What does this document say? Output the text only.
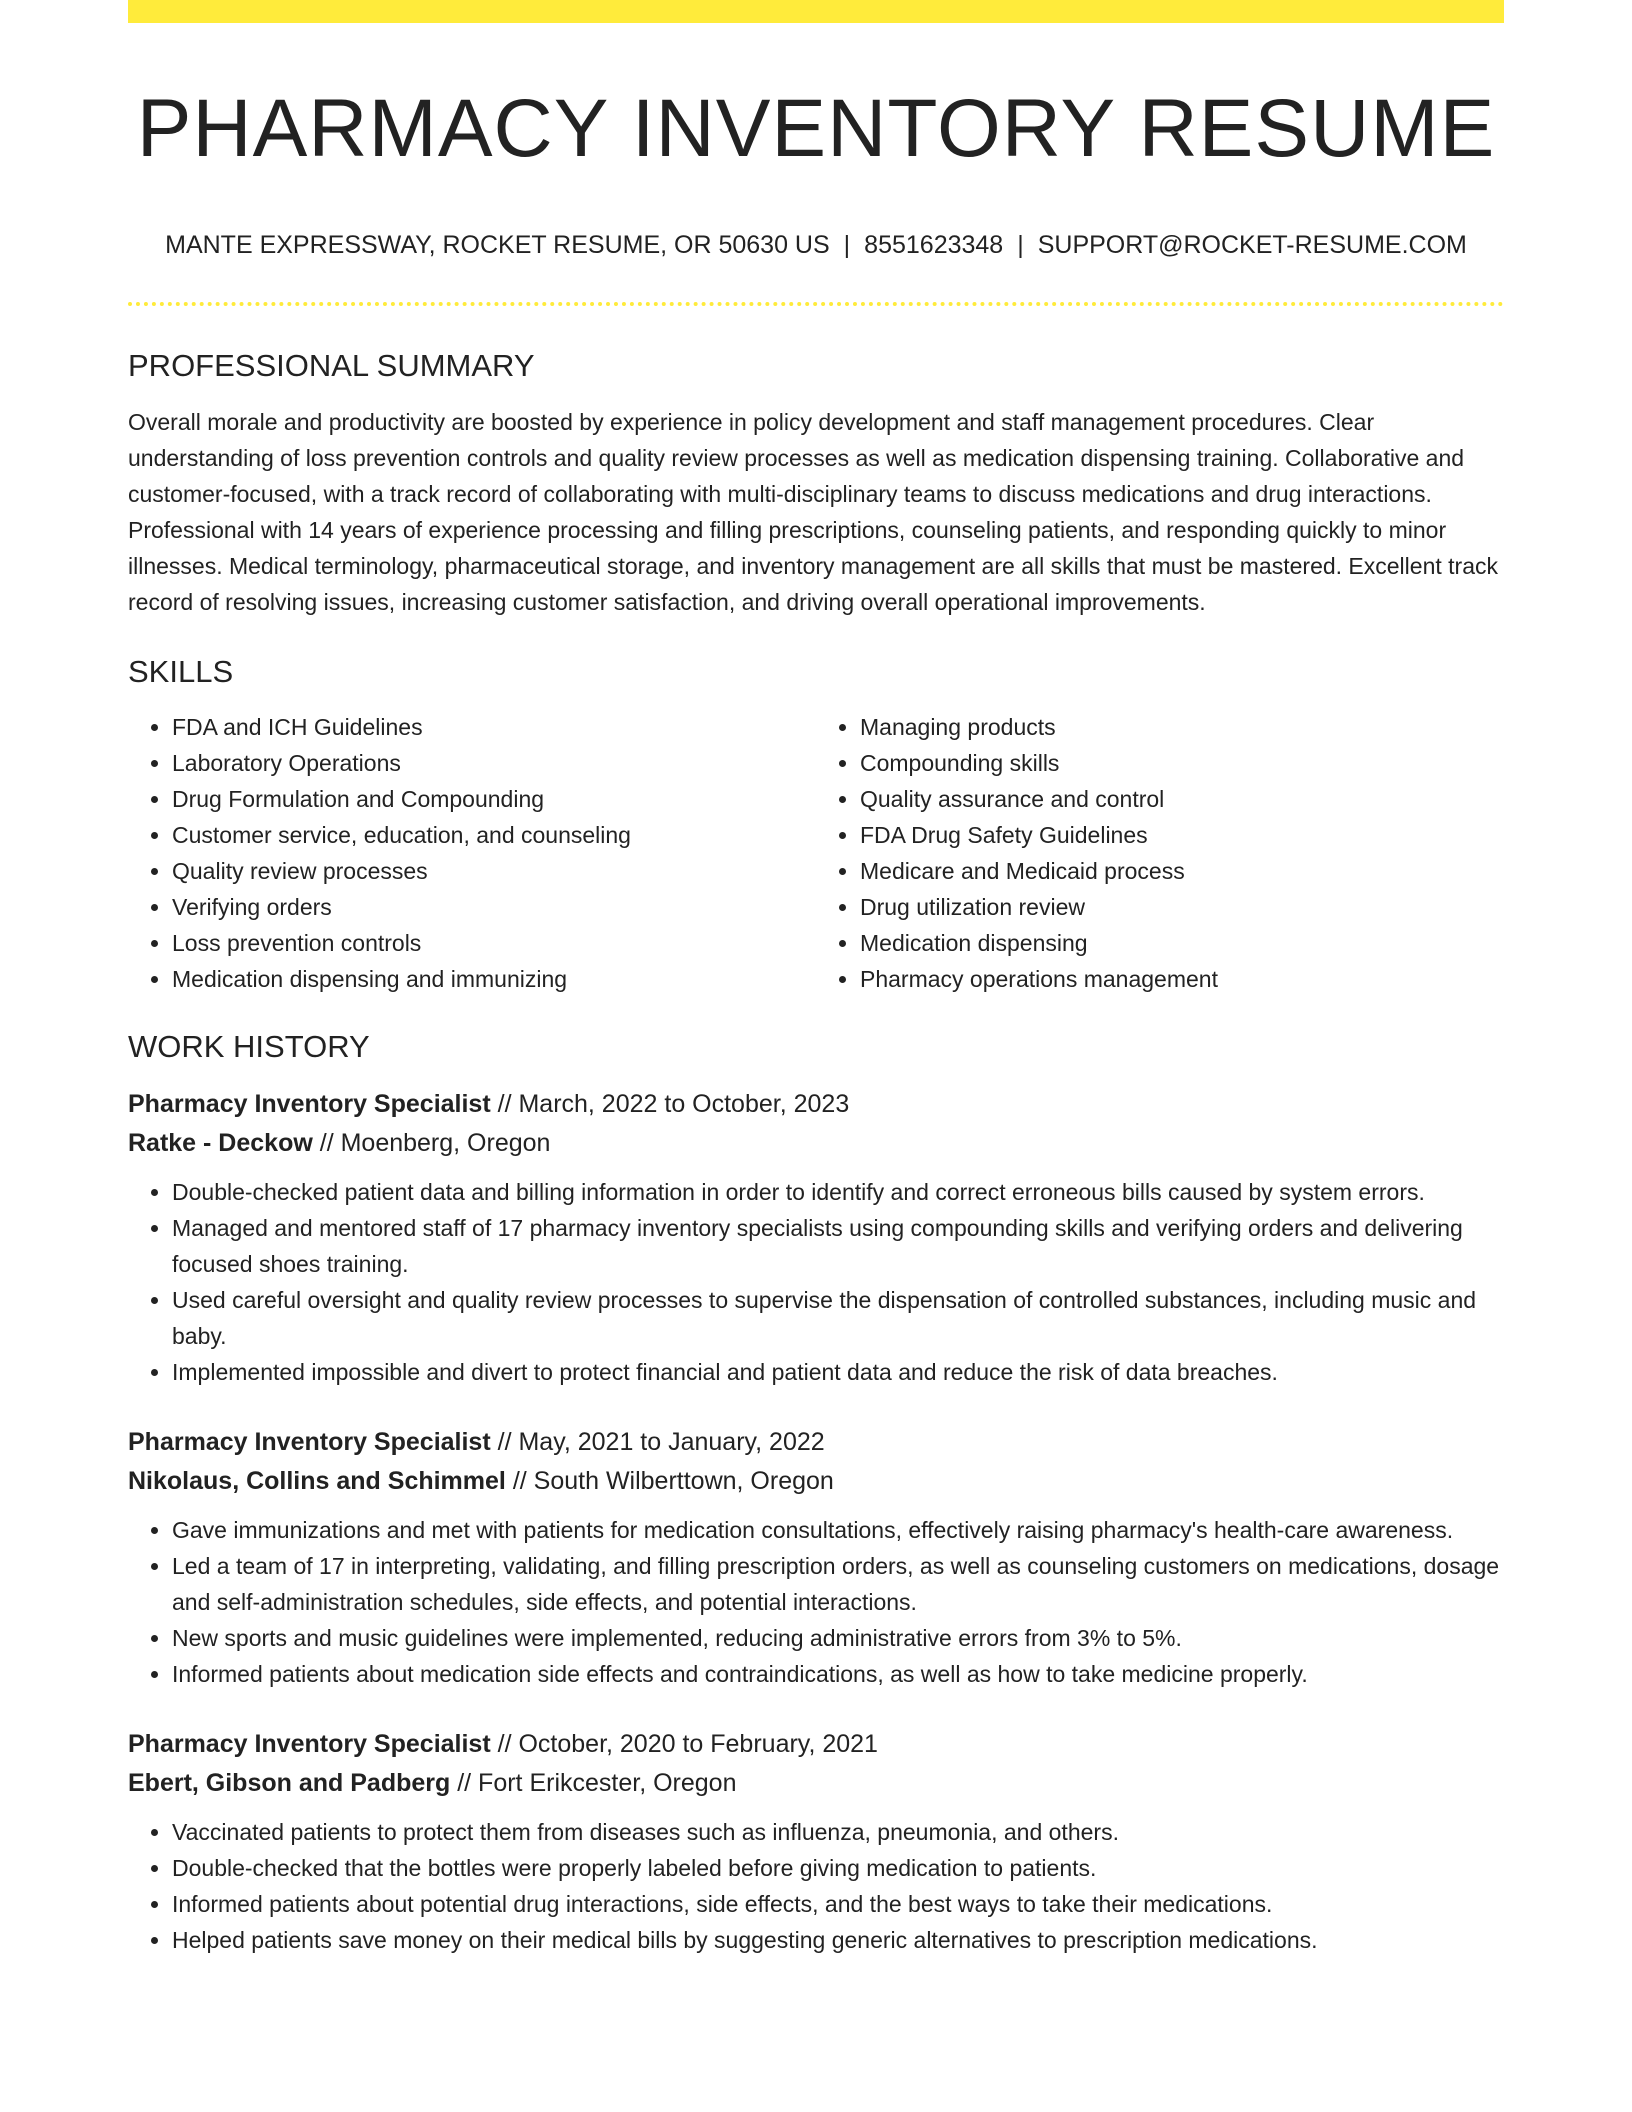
PHARMACY INVENTORY RESUME
MANTE EXPRESSWAY, ROCKET RESUME, OR 50630 US | 8551623348 | SUPPORT@ROCKET-RESUME.COM
PROFESSIONAL SUMMARY

Overall morale and productivity are boosted by experience in policy development and staff management procedures. Clear understanding of loss prevention controls and quality review processes as well as medication dispensing training. Collaborative and customer-focused, with a track record of collaborating with multi-disciplinary teams to discuss medications and drug interactions. Professional with 14 years of experience processing and filling prescriptions, counseling patients, and responding quickly to minor illnesses. Medical terminology, pharmaceutical storage, and inventory management are all skills that must be mastered. Excellent track record of resolving issues, increasing customer satisfaction, and driving overall operational improvements.

SKILLS
• FDA and ICH Guidelines
• Laboratory Operations
• Drug Formulation and Compounding
• Customer service, education, and counseling
• Quality review processes
• Verifying orders
• Loss prevention controls
• Medication dispensing and immunizing
• Managing products
• Compounding skills
• Quality assurance and control
• FDA Drug Safety Guidelines
• Medicare and Medicaid process
• Drug utilization review
• Medication dispensing
• Pharmacy operations management
WORK HISTORY

Pharmacy Inventory Specialist // March, 2022 to October, 2023

Ratke - Deckow // Moenberg, Oregon

• Double-checked patient data and billing information in order to identify and correct erroneous bills caused by system errors.
• Managed and mentored staff of 17 pharmacy inventory specialists using compounding skills and verifying orders and delivering focused shoes training.
• Used careful oversight and quality review processes to supervise the dispensation of controlled substances, including music and baby.
• Implemented impossible and divert to protect financial and patient data and reduce the risk of data breaches.

Pharmacy Inventory Specialist // May, 2021 to January, 2022

Nikolaus, Collins and Schimmel // South Wilberttown, Oregon

• Gave immunizations and met with patients for medication consultations, effectively raising pharmacy's health-care awareness.
• Led a team of 17 in interpreting, validating, and filling prescription orders, as well as counseling customers on medications, dosage and self-administration schedules, side effects, and potential interactions.
• New sports and music guidelines were implemented, reducing administrative errors from 3% to 5%.
• Informed patients about medication side effects and contraindications, as well as how to take medicine properly.

Pharmacy Inventory Specialist // October, 2020 to February, 2021

Ebert, Gibson and Padberg // Fort Erikcester, Oregon

• Vaccinated patients to protect them from diseases such as influenza, pneumonia, and others.
• Double-checked that the bottles were properly labeled before giving medication to patients.
• Informed patients about potential drug interactions, side effects, and the best ways to take their medications.
• Helped patients save money on their medical bills by suggesting generic alternatives to prescription medications.
